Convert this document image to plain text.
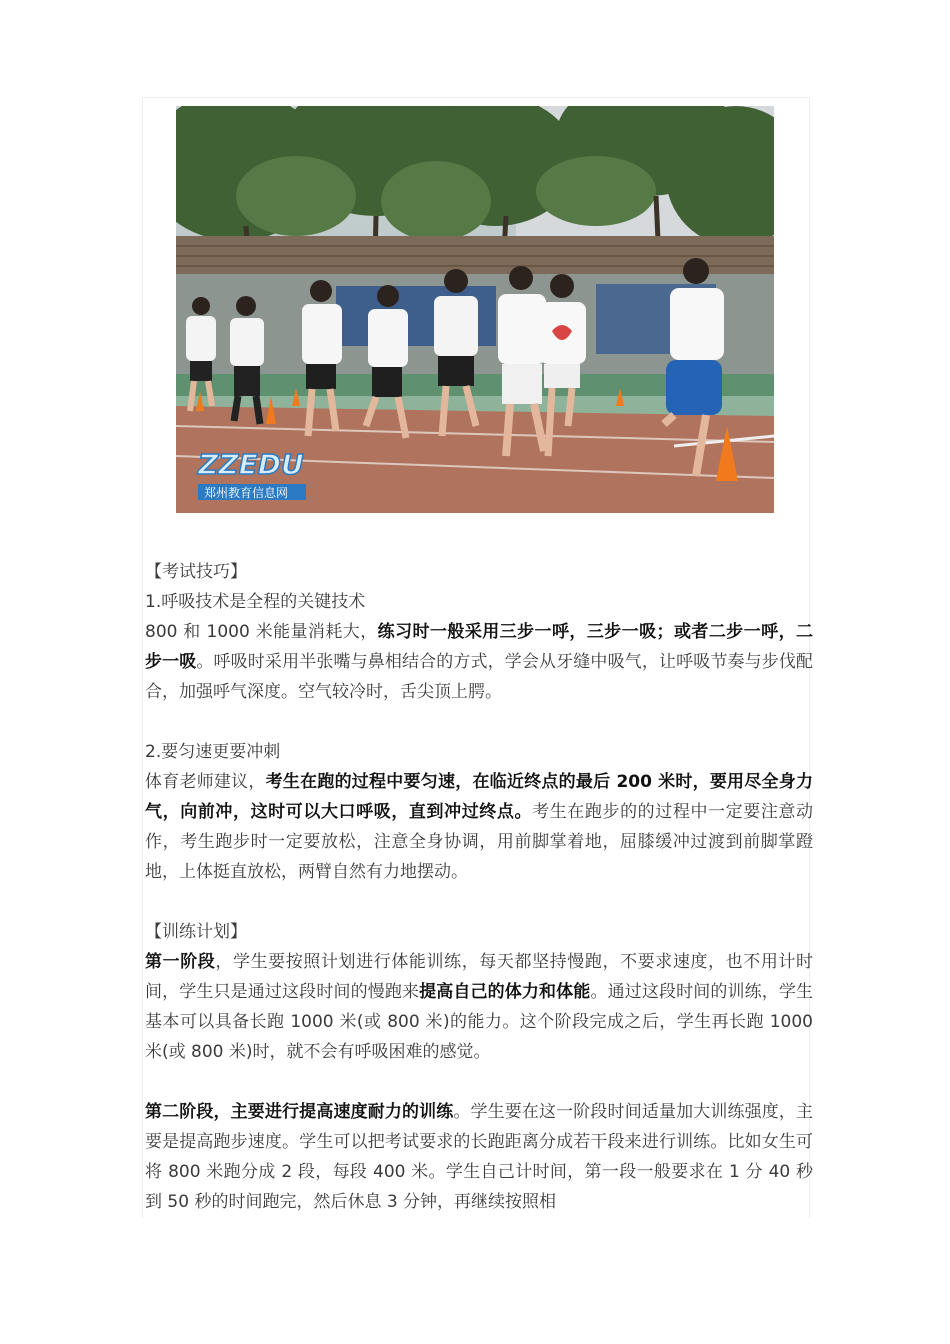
ZZEDU
郑州教育信息网

【考试技巧】

1.呼吸技术是全程的关键技术

800 和 1000 米能量消耗大，练习时一般采用三步一呼，三步一吸；或者二步一呼，二步一吸。呼吸时采用半张嘴与鼻相结合的方式，学会从牙缝中吸气，让呼吸节奏与步伐配合，加强呼气深度。空气较冷时，舌尖顶上腭。

2.要匀速更要冲刺

体育老师建议，考生在跑的过程中要匀速，在临近终点的最后 200 米时，要用尽全身力气，向前冲，这时可以大口呼吸，直到冲过终点。考生在跑步的的过程中一定要注意动作，考生跑步时一定要放松，注意全身协调，用前脚掌着地，屈膝缓冲过渡到前脚掌蹬地，上体挺直放松，两臂自然有力地摆动。

【训练计划】

第一阶段，学生要按照计划进行体能训练，每天都坚持慢跑，不要求速度，也不用计时间，学生只是通过这段时间的慢跑来提高自己的体力和体能。通过这段时间的训练，学生基本可以具备长跑 1000 米(或 800 米)的能力。这个阶段完成之后，学生再长跑 1000 米(或 800 米)时，就不会有呼吸困难的感觉。

第二阶段，主要进行提高速度耐力的训练。学生要在这一阶段时间适量加大训练强度，主要是提高跑步速度。学生可以把考试要求的长跑距离分成若干段来进行训练。比如女生可将 800 米跑分成 2 段，每段 400 米。学生自己计时间，第一段一般要求在 1 分 40 秒到 50 秒的时间跑完，然后休息 3 分钟，再继续按照相
